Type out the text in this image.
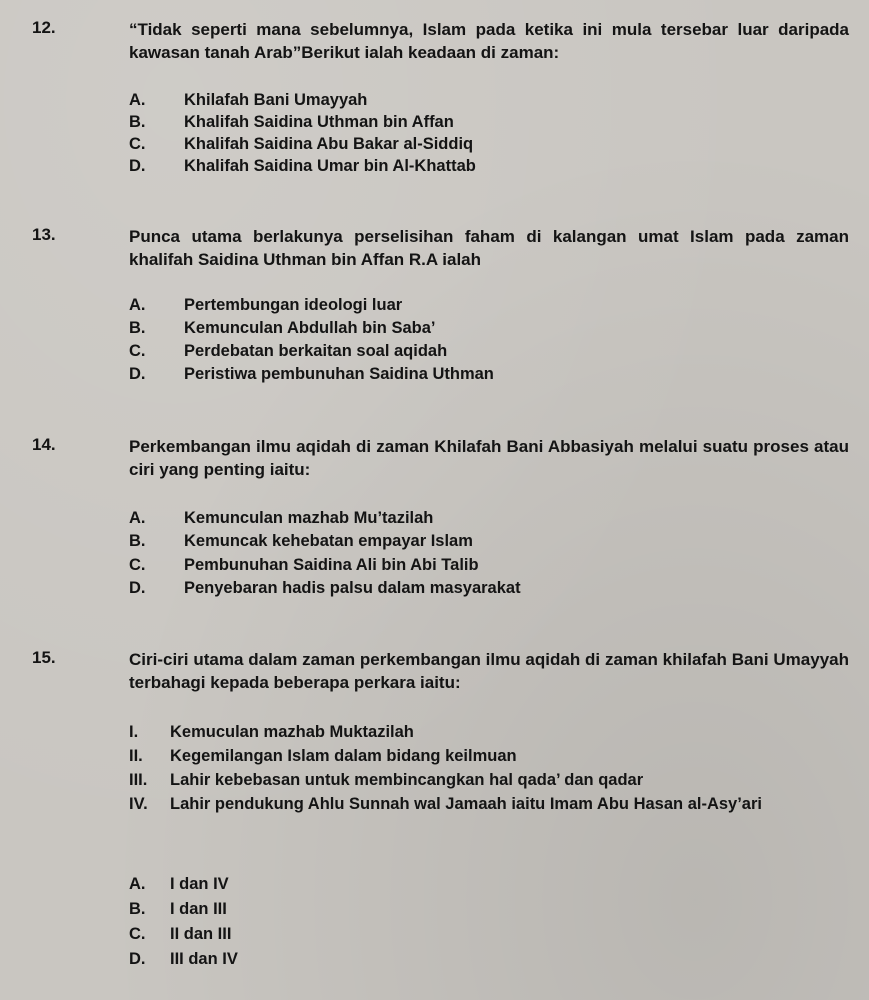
12.	“Tidak seperti mana sebelumnya, Islam pada ketika ini mula tersebar luar daripada kawasan tanah Arab”Berikut ialah keadaan di zaman:
A. Khilafah Bani Umayyah
B. Khalifah Saidina Uthman bin Affan
C. Khalifah Saidina Abu Bakar al-Siddiq
D. Khalifah Saidina Umar bin Al-Khattab
13.	Punca utama berlakunya perselisihan faham di kalangan umat Islam pada zaman khalifah Saidina Uthman bin Affan R.A ialah
A. Pertembungan ideologi luar
B. Kemunculan Abdullah bin Saba’
C. Perdebatan berkaitan soal aqidah
D. Peristiwa pembunuhan Saidina Uthman
14.	Perkembangan ilmu aqidah di zaman Khilafah Bani Abbasiyah melalui suatu proses atau ciri yang penting iaitu:
A. Kemunculan mazhab Mu’tazilah
B. Kemuncak kehebatan empayar Islam
C. Pembunuhan Saidina Ali bin Abi Talib
D. Penyebaran hadis palsu dalam masyarakat
15.	Ciri-ciri utama dalam zaman perkembangan ilmu aqidah di zaman khilafah Bani Umayyah terbahagi kepada beberapa perkara iaitu:
I. Kemuculan mazhab Muktazilah
II. Kegemilangan Islam dalam bidang keilmuan
III. Lahir kebebasan untuk membincangkan hal qada’ dan qadar
IV. Lahir pendukung Ahlu Sunnah wal Jamaah iaitu Imam Abu Hasan al-Asy’ari
A. I dan IV
B. I dan III
C. II dan III
D. III dan IV
